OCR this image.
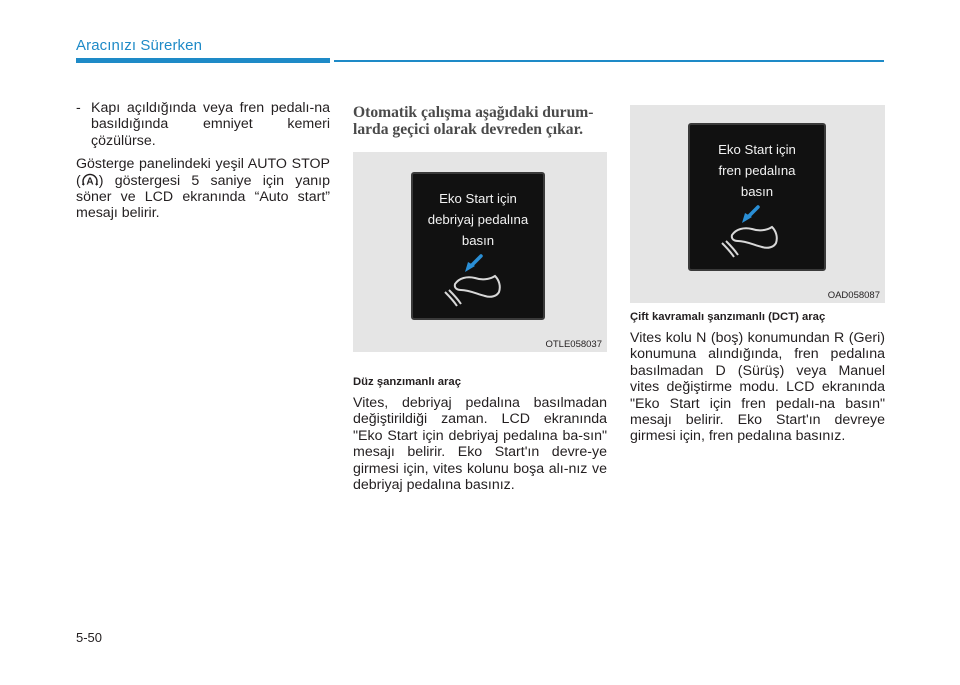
Aracınızı Sürerken
- Kapı açıldığında veya fren pedalı-na basıldığında emniyet kemeri çözülürse.

Gösterge panelindeki yeşil AUTO STOP ( A ) göstergesi 5 saniye için yanıp söner ve LCD ekranında “Auto start” mesajı belirir.

Otomatik çalışma aşağıdaki durum-larda geçici olarak devreden çıkar.

Eko Start için
debriyaj pedalına
basın
OTLE058037

Düz şanzımanlı araç

Vites, debriyaj pedalına basılmadan değiştirildiği zaman. LCD ekranında "Eko Start için debriyaj pedalına ba-sın" mesajı belirir. Eko Start'ın devre-ye girmesi için, vites kolunu boşa alı-nız ve debriyaj pedalına basınız.

Eko Start için
fren pedalına
basın
OAD058087

Çift kavramalı şanzımanlı (DCT) araç

Vites kolu N (boş) konumundan R (Geri) konumuna alındığında, fren pedalına basılmadan D (Sürüş) veya Manuel vites değiştirme modu. LCD ekranında "Eko Start için fren pedalı-na basın" mesajı belirir. Eko Start'ın devreye girmesi için, fren pedalına basınız.

5-50
